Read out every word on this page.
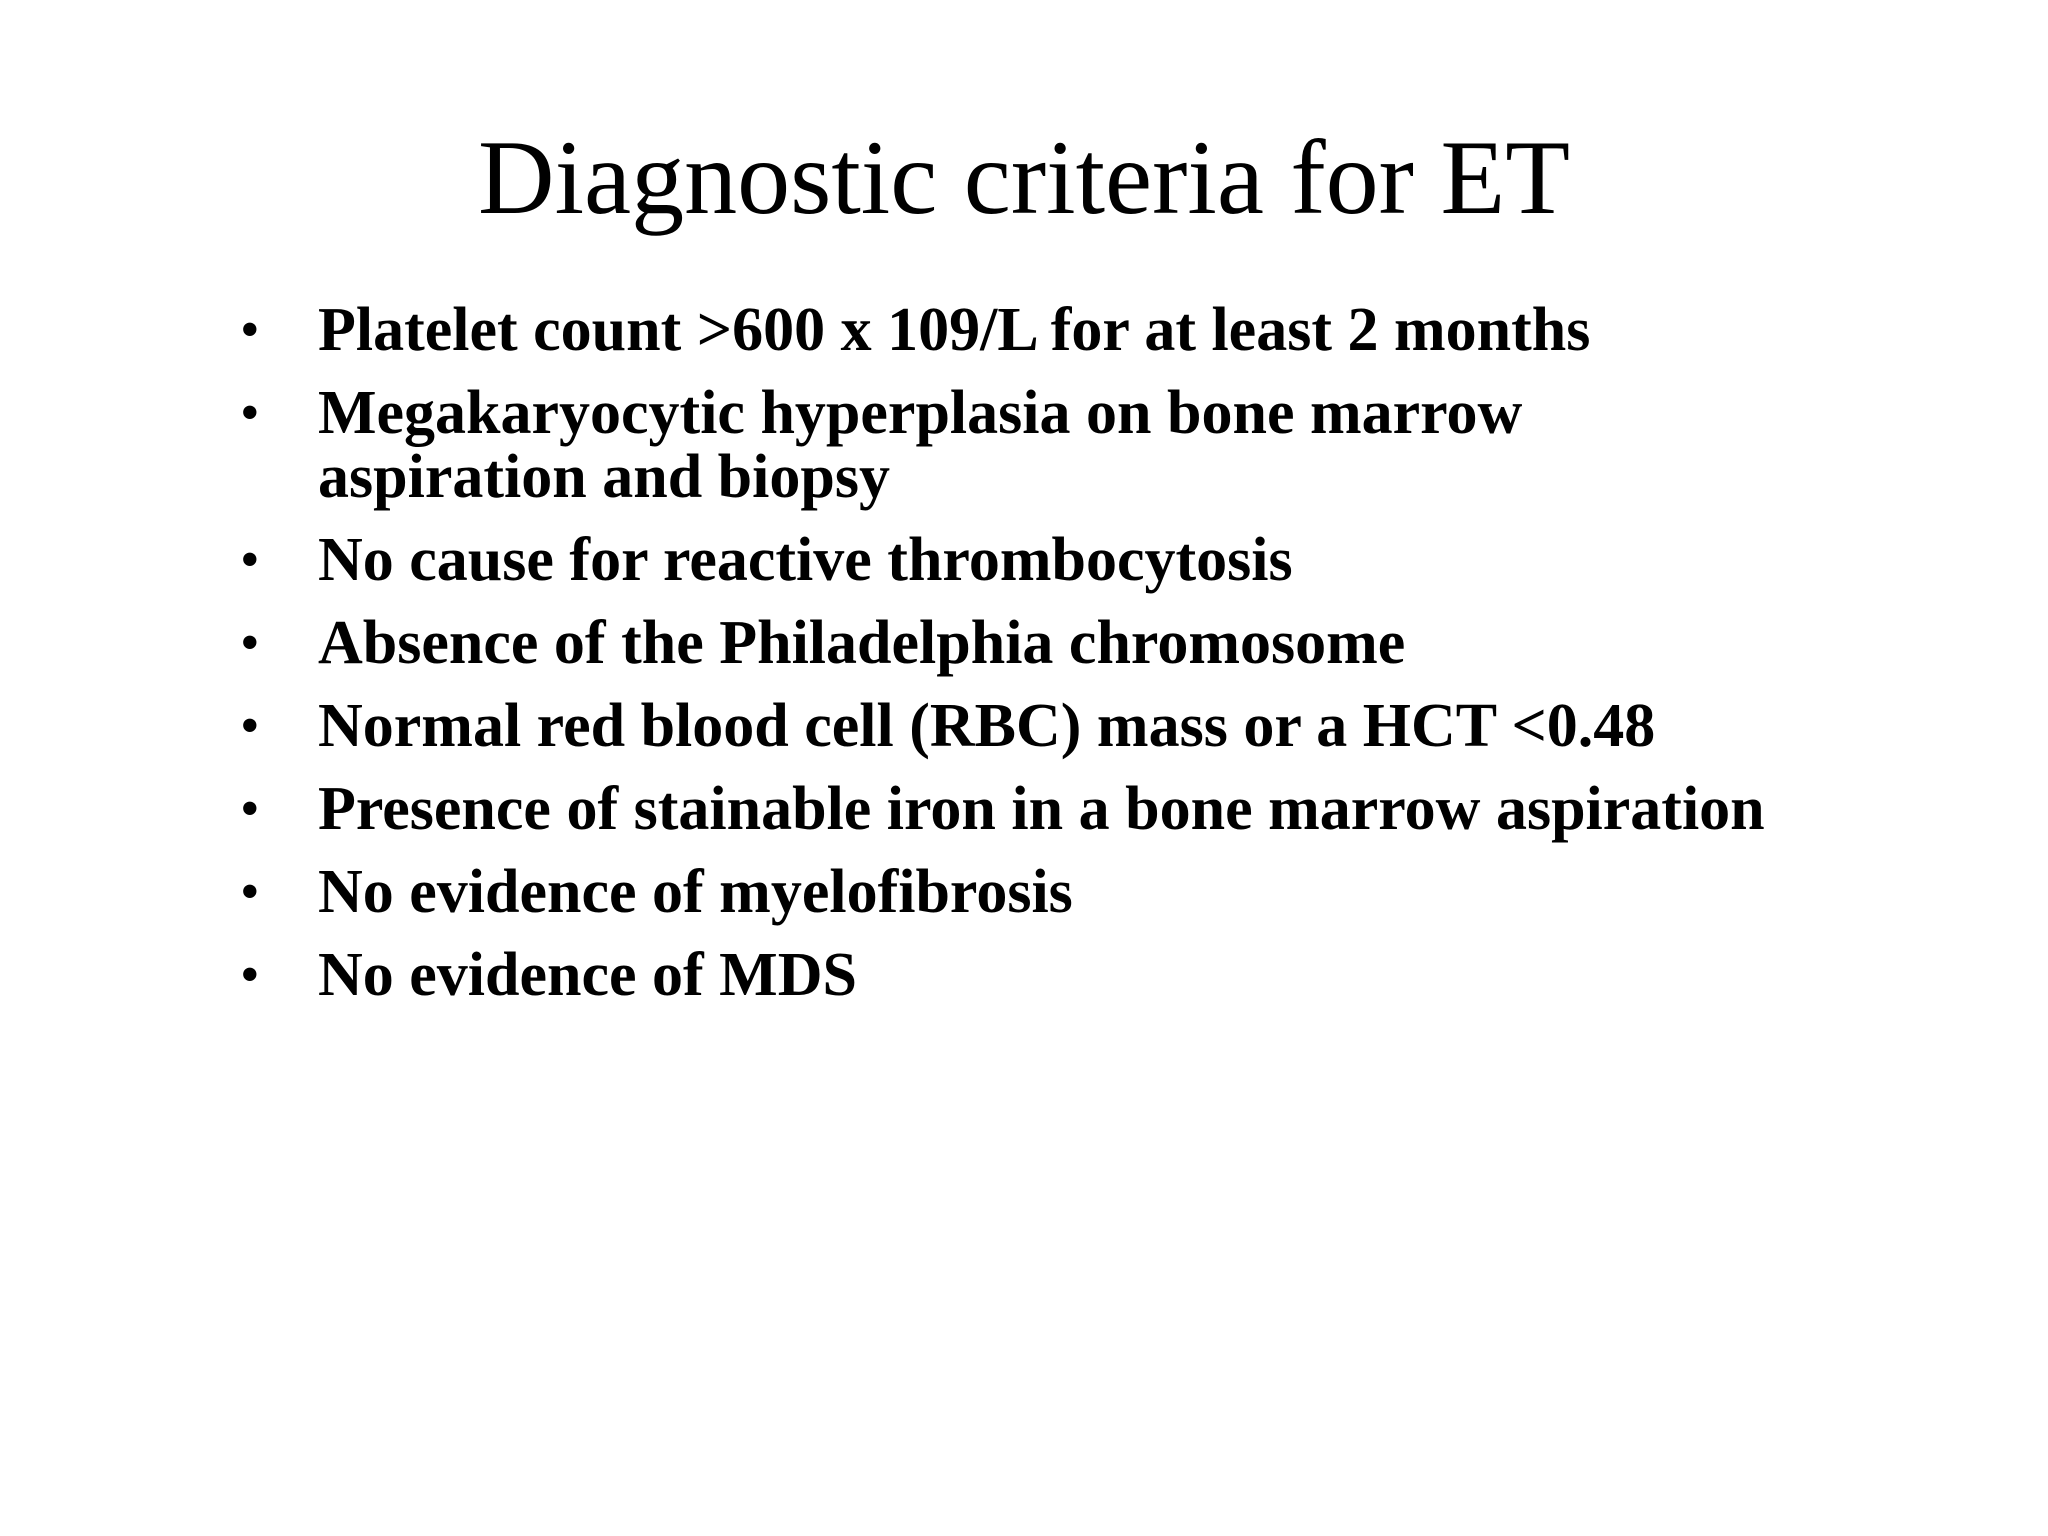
Diagnostic criteria for ET
• Platelet count >600 x 109/L for at least 2 months
• Megakaryocytic hyperplasia on bone marrow
aspiration and biopsy
• No cause for reactive thrombocytosis
• Absence of the Philadelphia chromosome
• Normal red blood cell (RBC) mass or a HCT <0.48
• Presence of stainable iron in a bone marrow aspiration
• No evidence of myelofibrosis
• No evidence of MDS
